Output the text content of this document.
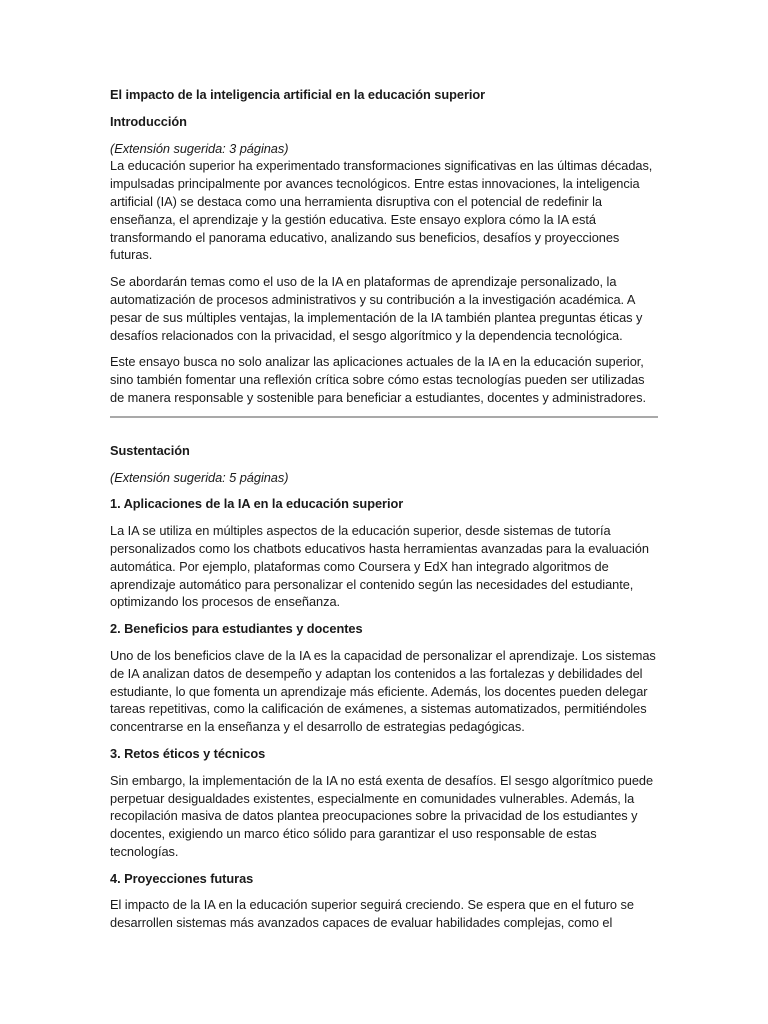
El impacto de la inteligencia artificial en la educación superior

Introducción

(Extensión sugerida: 3 páginas)

La educación superior ha experimentado transformaciones significativas en las últimas décadas, impulsadas principalmente por avances tecnológicos. Entre estas innovaciones, la inteligencia artificial (IA) se destaca como una herramienta disruptiva con el potencial de redefinir la enseñanza, el aprendizaje y la gestión educativa. Este ensayo explora cómo la IA está transformando el panorama educativo, analizando sus beneficios, desafíos y proyecciones futuras.

Se abordarán temas como el uso de la IA en plataformas de aprendizaje personalizado, la automatización de procesos administrativos y su contribución a la investigación académica. A pesar de sus múltiples ventajas, la implementación de la IA también plantea preguntas éticas y desafíos relacionados con la privacidad, el sesgo algorítmico y la dependencia tecnológica.

Este ensayo busca no solo analizar las aplicaciones actuales de la IA en la educación superior, sino también fomentar una reflexión crítica sobre cómo estas tecnologías pueden ser utilizadas de manera responsable y sostenible para beneficiar a estudiantes, docentes y administradores.

Sustentación

(Extensión sugerida: 5 páginas)

1. Aplicaciones de la IA en la educación superior

La IA se utiliza en múltiples aspectos de la educación superior, desde sistemas de tutoría personalizados como los chatbots educativos hasta herramientas avanzadas para la evaluación automática. Por ejemplo, plataformas como Coursera y EdX han integrado algoritmos de aprendizaje automático para personalizar el contenido según las necesidades del estudiante, optimizando los procesos de enseñanza.

2. Beneficios para estudiantes y docentes

Uno de los beneficios clave de la IA es la capacidad de personalizar el aprendizaje. Los sistemas de IA analizan datos de desempeño y adaptan los contenidos a las fortalezas y debilidades del estudiante, lo que fomenta un aprendizaje más eficiente. Además, los docentes pueden delegar tareas repetitivas, como la calificación de exámenes, a sistemas automatizados, permitiéndoles concentrarse en la enseñanza y el desarrollo de estrategias pedagógicas.

3. Retos éticos y técnicos

Sin embargo, la implementación de la IA no está exenta de desafíos. El sesgo algorítmico puede perpetuar desigualdades existentes, especialmente en comunidades vulnerables. Además, la recopilación masiva de datos plantea preocupaciones sobre la privacidad de los estudiantes y docentes, exigiendo un marco ético sólido para garantizar el uso responsable de estas tecnologías.

4. Proyecciones futuras

El impacto de la IA en la educación superior seguirá creciendo. Se espera que en el futuro se desarrollen sistemas más avanzados capaces de evaluar habilidades complejas, como el
